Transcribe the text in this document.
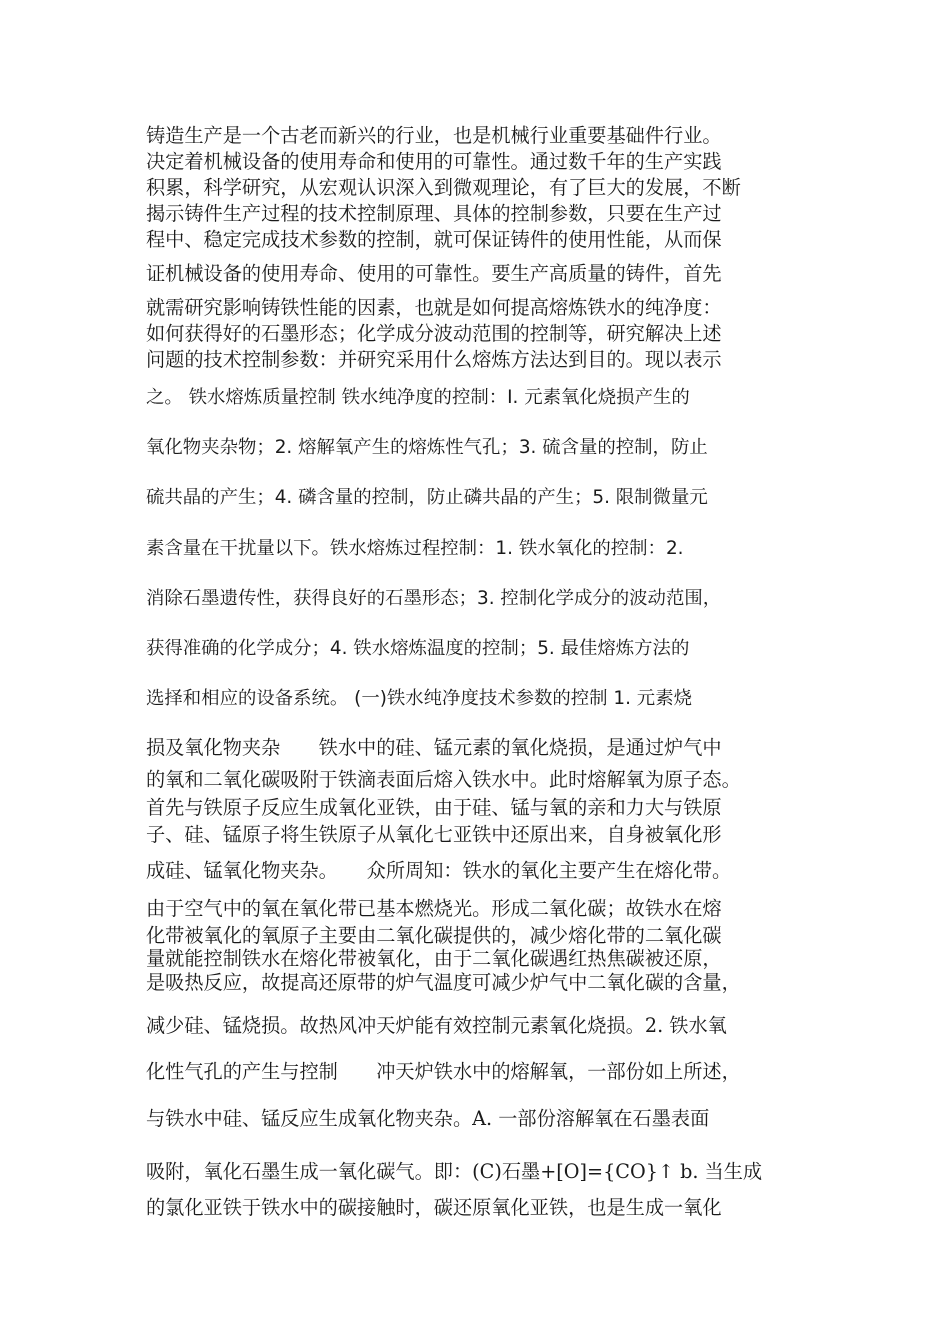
铸造生产是一个古老而新兴的行业，也是机械行业重要基础件行业。
决定着机械设备的使用寿命和使用的可靠性。通过数千年的生产实践
积累，科学研究，从宏观认识深入到微观理论，有了巨大的发展，不断
揭示铸件生产过程的技术控制原理、具体的控制参数，只要在生产过
程中、稳定完成技术参数的控制，就可保证铸件的使用性能，从而保
证机械设备的使用寿命、使用的可靠性。要生产高质量的铸件，首先
就需研究影响铸铁性能的因素，也就是如何提高熔炼铁水的纯净度：
如何获得好的石墨形态；化学成分波动范围的控制等，研究解决上述
问题的技术控制参数：并研究采用什么熔炼方法达到目的。现以表示
之。 铁水熔炼质量控制 铁水纯净度的控制：I. 元素氧化烧损产生的
氧化物夹杂物；2. 熔解氧产生的熔炼性气孔；3. 硫含量的控制，防止
硫共晶的产生；4. 磷含量的控制，防止磷共晶的产生；5. 限制微量元
素含量在干扰量以下。铁水熔炼过程控制：1. 铁水氧化的控制：2.
消除石墨遗传性，获得良好的石墨形态；3. 控制化学成分的波动范围，
获得准确的化学成分；4. 铁水熔炼温度的控制；5. 最佳熔炼方法的
选择和相应的设备系统。 (一)铁水纯净度技术参数的控制 1. 元素烧
损及氧化物夹杂　　铁水中的硅、锰元素的氧化烧损，是通过炉气中
的氧和二氧化碳吸附于铁滴表面后熔入铁水中。此时熔解氧为原子态。
首先与铁原子反应生成氧化亚铁，由于硅、锰与氧的亲和力大与铁原
子、硅、锰原子将生铁原子从氧化七亚铁中还原出来，自身被氧化形
成硅、锰氧化物夹杂。　　众所周知：铁水的氧化主要产生在熔化带。
由于空气中的氧在氧化带已基本燃烧光。形成二氧化碳；故铁水在熔
化带被氧化的氧原子主要由二氧化碳提供的，减少熔化带的二氧化碳
量就能控制铁水在熔化带被氧化，由于二氧化碳遇红热焦碳被还原，
是吸热反应，故提高还原带的炉气温度可减少炉气中二氧化碳的含量，
减少硅、锰烧损。故热风冲天炉能有效控制元素氧化烧损。2. 铁水氧
化性气孔的产生与控制　　冲天炉铁水中的熔解氧，一部份如上所述，
与铁水中硅、锰反应生成氧化物夹杂。A. 一部份溶解氧在石墨表面
吸附，氧化石墨生成一氧化碳气。即：(C)石墨+[O]={CO}↑ b. 当生成
的氯化亚铁于铁水中的碳接触时，碳还原氧化亚铁，也是生成一氧化
